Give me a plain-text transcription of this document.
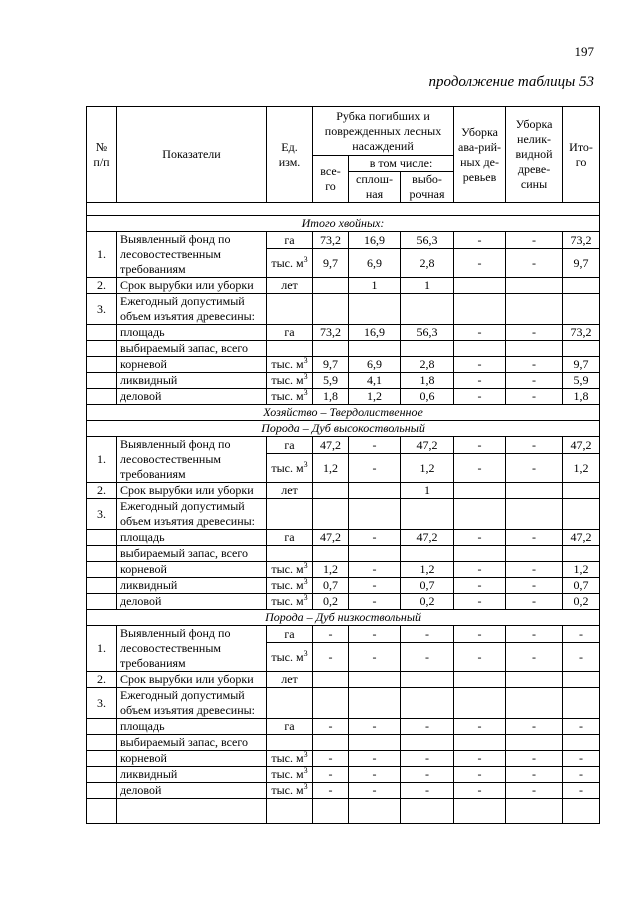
197
продолжение таблицы 53
№ п/п	Показатели	Ед. изм.	Рубка погибших и поврежденных лесных насаждений			Уборка ава-рий-ных де-ревьев	Уборка нелик-видной древе-сины	Ито-го
			все-го	в том числе:				
				сплош-ная	выбо-рочная			

Итого хвойных:								
1.	Выявленный фонд по лесовостественным требованиям	га	73,2	16,9	56,3	-	-	73,2
		тыс. $м^3$	9,7	6,9	2,8	-	-	9,7
2.	Срок вырубки или уборки	лет		1	1			
3.	Ежегодный допустимый объем изъятия древесины:							
	площадь	га	73,2	16,9	56,3	-	-	73,2
	выбираемый запас, всего							
	корневой	тыс. $м^3$	9,7	6,9	2,8	-	-	9,7
	ликвидный	тыс. $м^3$	5,9	4,1	1,8	-	-	5,9
	деловой	тыс. $м^3$	1,8	1,2	0,6	-	-	1,8
Хозяйство – Твердолиственное								
Порода – Дуб высокоствольный								
1.	Выявленный фонд по лесовостественным требованиям	га	47,2	-	47,2	-	-	47,2
		тыс. $м^3$	1,2	-	1,2	-	-	1,2
2.	Срок вырубки или уборки	лет			1			
3.	Ежегодный допустимый объем изъятия древесины:							
	площадь	га	47,2	-	47,2	-	-	47,2
	выбираемый запас, всего							
	корневой	тыс. $м^3$	1,2	-	1,2	-	-	1,2
	ликвидный	тыс. $м^3$	0,7	-	0,7	-	-	0,7
	деловой	тыс. $м^3$	0,2	-	0,2	-	-	0,2
Порода – Дуб низкоствольный								
1.	Выявленный фонд по лесовостественным требованиям	га	-	-	-	-	-	-
		тыс. $м^3$	-	-	-	-	-	-
2.	Срок вырубки или уборки	лет						
3.	Ежегодный допустимый объем изъятия древесины:							
	площадь	га	-	-	-	-	-	-
	выбираемый запас, всего							
	корневой	тыс. $м^3$	-	-	-	-	-	-
	ликвидный	тыс. $м^3$	-	-	-	-	-	-
	деловой	тыс. $м^3$	-	-	-	-	-	-
